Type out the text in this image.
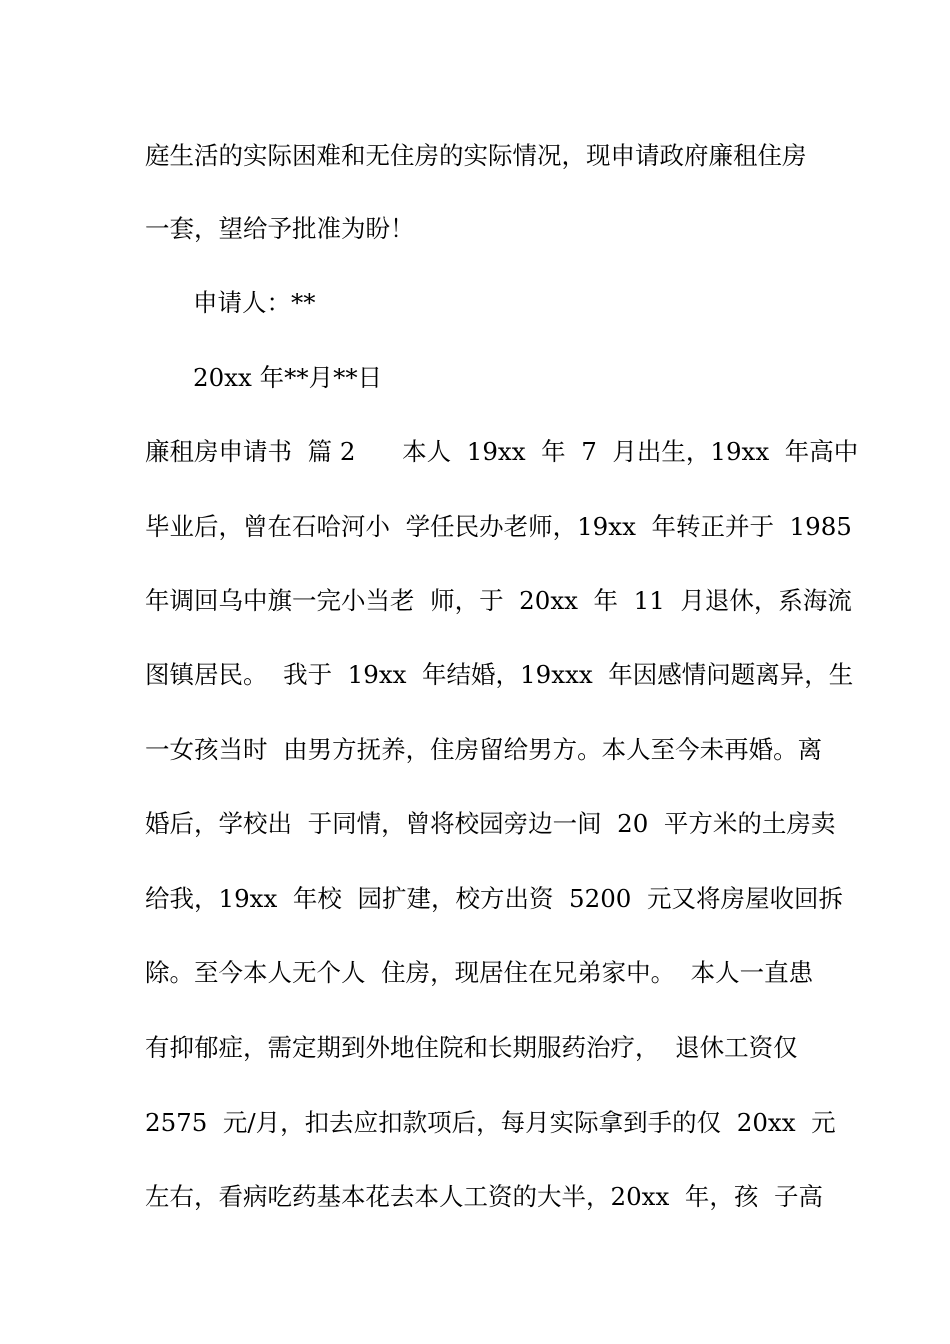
庭生活的实际困难和无住房的实际情况，现申请政府廉租住房
一套，望给予批准为盼！
申请人：**
20xx 年**月**日
廉租房申请书  篇 2      本人  19xx  年  7  月出生，19xx  年高中
毕业后，曾在石哈河小  学任民办老师，19xx  年转正并于  1985
年调回乌中旗一完小当老  师，于  20xx  年  11  月退休，系海流
图镇居民。  我于  19xx  年结婚，19xxx  年因感情问题离异，生
一女孩当时  由男方抚养，住房留给男方。本人至今未再婚。离
婚后，学校出  于同情，曾将校园旁边一间  20  平方米的土房卖
给我，19xx  年校  园扩建，校方出资  5200  元又将房屋收回拆
除。至今本人无个人  住房，现居住在兄弟家中。  本人一直患
有抑郁症，需定期到外地住院和长期服药治疗，  退休工资仅
2575  元/月，扣去应扣款项后，每月实际拿到手的仅  20xx  元
左右，看病吃药基本花去本人工资的大半，20xx  年，孩  子高
